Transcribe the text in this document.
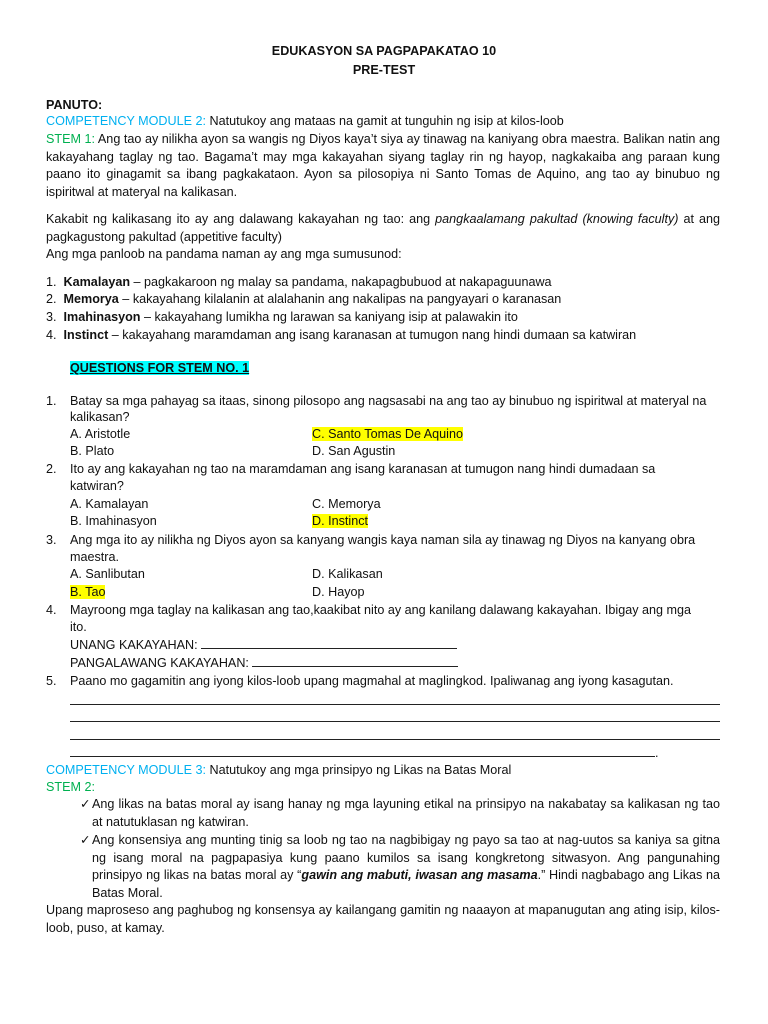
EDUKASYON SA PAGPAPAKATAO 10
PRE-TEST
PANUTO:
COMPETENCY MODULE 2: Natutukoy ang mataas na gamit at tunguhin ng isip at kilos-loob
STEM 1: Ang tao ay nilikha ayon sa wangis ng Diyos kaya’t siya ay tinawag na kaniyang obra maestra. Balikan natin ang kakayahang taglay ng tao. Bagama’t may mga kakayahan siyang taglay rin ng hayop, nagkakaiba ang paraan kung paano ito ginagamit sa ibang pagkakataon. Ayon sa pilosopiya ni Santo Tomas de Aquino, ang tao ay binubuo ng ispiritwal at materyal na kalikasan.
Kakabit ng kalikasang ito ay ang dalawang kakayahan ng tao: ang pangkaalamang pakultad (knowing faculty) at ang pagkagustong pakultad (appetitive faculty)
Ang mga panloob na pandama naman ay ang mga sumusunod:
1. Kamalayan – pagkakaroon ng malay sa pandama, nakapagbubuod at nakapaguunawa
2. Memorya – kakayahang kilalanin at alalahanin ang nakalipas na pangyayari o karanasan
3. Imahinasyon – kakayahang lumikha ng larawan sa kaniyang isip at palawakin ito
4. Instinct – kakayahang maramdaman ang isang karanasan at tumugon nang hindi dumaan sa katwiran
QUESTIONS FOR STEM NO. 1
1. Batay sa mga pahayag sa itaas, sinong pilosopo ang nagsasabi na ang tao ay binubuo ng ispiritwal at materyal na
kalikasan?
A. Aristotle	C. Santo Tomas De Aquino
B. Plato	D. San Agustin
2. Ito ay ang kakayahan ng tao na maramdaman ang isang karanasan at tumugon nang hindi dumadaan sa
katwiran?
A. Kamalayan	C. Memorya
B. Imahinasyon	D. Instinct
3. Ang mga ito ay nilikha ng Diyos ayon sa kanyang wangis kaya naman sila ay tinawag ng Diyos na kanyang obra
maestra.
A. Sanlibutan	D. Kalikasan
B. Tao	D. Hayop
4. Mayroong mga taglay na kalikasan ang tao,kaakibat nito ay ang kanilang dalawang kakayahan. Ibigay ang mga
ito.
UNANG KAKAYAHAN:
PANGALAWANG KAKAYAHAN:
5. Paano mo gagamitin ang iyong kilos-loob upang magmahal at maglingkod. Ipaliwanag ang iyong kasagutan.
.
COMPETENCY MODULE 3: Natutukoy ang mga prinsipyo ng Likas na Batas Moral
STEM 2:
✓ Ang likas na batas moral ay isang hanay ng mga layuning etikal na prinsipyo na nakabatay sa kalikasan ng tao at natutuklasan ng katwiran.
✓ Ang konsensiya ang munting tinig sa loob ng tao na nagbibigay ng payo sa tao at nag-uutos sa kaniya sa gitna ng isang moral na pagpapasiya kung paano kumilos sa isang kongkretong sitwasyon. Ang pangunahing prinsipyo ng likas na batas moral ay “gawin ang mabuti, iwasan ang masama.” Hindi nagbabago ang Likas na Batas Moral.
Upang maproseso ang paghubog ng konsensya ay kailangang gamitin ng naaayon at mapanugutan ang ating isip, kilos-loob, puso, at kamay.
